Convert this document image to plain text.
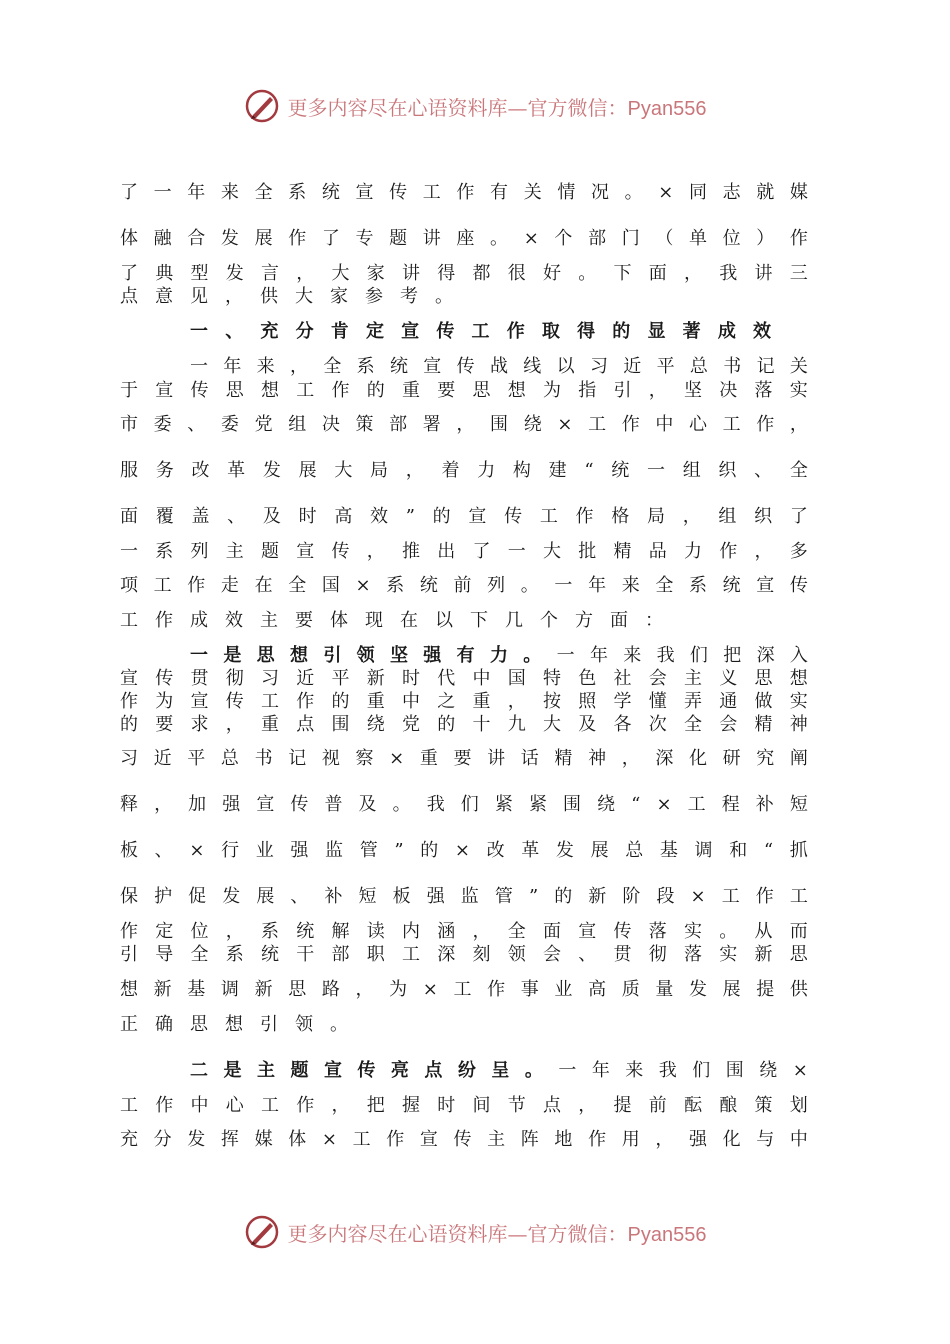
更多内容尽在心语资料库—官方微信：Pyan556
了 一 年 来 全 系 统 宣 传 工 作 有 关 情 况 。 × 同 志 就 媒
体 融 合 发 展 作 了 专 题 讲 座 。 × 个 部 门 （ 单 位 ） 作
了 典 型 发 言 ， 大 家 讲 得 都 很 好 。 下 面 ， 我 讲 三
点 意 见 ， 供 大 家 参 考 。
一 、 充 分 肯 定 宣 传 工 作 取 得 的 显 著 成 效
一 年 来 ， 全 系 统 宣 传 战 线 以 习 近 平 总 书 记 关
于 宣 传 思 想 工 作 的 重 要 思 想 为 指 引 ， 坚 决 落 实
市 委 、 委 党 组 决 策 部 署 ， 围 绕 × 工 作 中 心 工 作 ，
服 务 改 革 发 展 大 局 ， 着 力 构 建 “ 统 一 组 织 、 全
面 覆 盖 、 及 时 高 效 ” 的 宣 传 工 作 格 局 ， 组 织 了
一 系 列 主 题 宣 传 ， 推 出 了 一 大 批 精 品 力 作 ， 多
项 工 作 走 在 全 国 × 系 统 前 列 。 一 年 来 全 系 统 宣 传
工 作 成 效 主 要 体 现 在 以 下 几 个 方 面 ：
一 是 思 想 引 领 坚 强 有 力 。 一 年 来 我 们 把 深 入
宣 传 贯 彻 习 近 平 新 时 代 中 国 特 色 社 会 主 义 思 想
作 为 宣 传 工 作 的 重 中 之 重 ， 按 照 学 懂 弄 通 做 实
的 要 求 ， 重 点 围 绕 党 的 十 九 大 及 各 次 全 会 精 神
习 近 平 总 书 记 视 察 × 重 要 讲 话 精 神 ， 深 化 研 究 阐
释 ， 加 强 宣 传 普 及 。 我 们 紧 紧 围 绕 “ × 工 程 补 短
板 、 × 行 业 强 监 管 ” 的 × 改 革 发 展 总 基 调 和 “ 抓
保 护 促 发 展 、 补 短 板 强 监 管 ” 的 新 阶 段 × 工 作 工
作 定 位 ， 系 统 解 读 内 涵 ， 全 面 宣 传 落 实 。 从 而
引 导 全 系 统 干 部 职 工 深 刻 领 会 、 贯 彻 落 实 新 思
想 新 基 调 新 思 路 ， 为 × 工 作 事 业 高 质 量 发 展 提 供
正 确 思 想 引 领 。
二 是 主 题 宣 传 亮 点 纷 呈 。 一 年 来 我 们 围 绕 ×
工 作 中 心 工 作 ， 把 握 时 间 节 点 ， 提 前 酝 酿 策 划
充 分 发 挥 媒 体 × 工 作 宣 传 主 阵 地 作 用 ， 强 化 与 中
更多内容尽在心语资料库—官方微信：Pyan556
